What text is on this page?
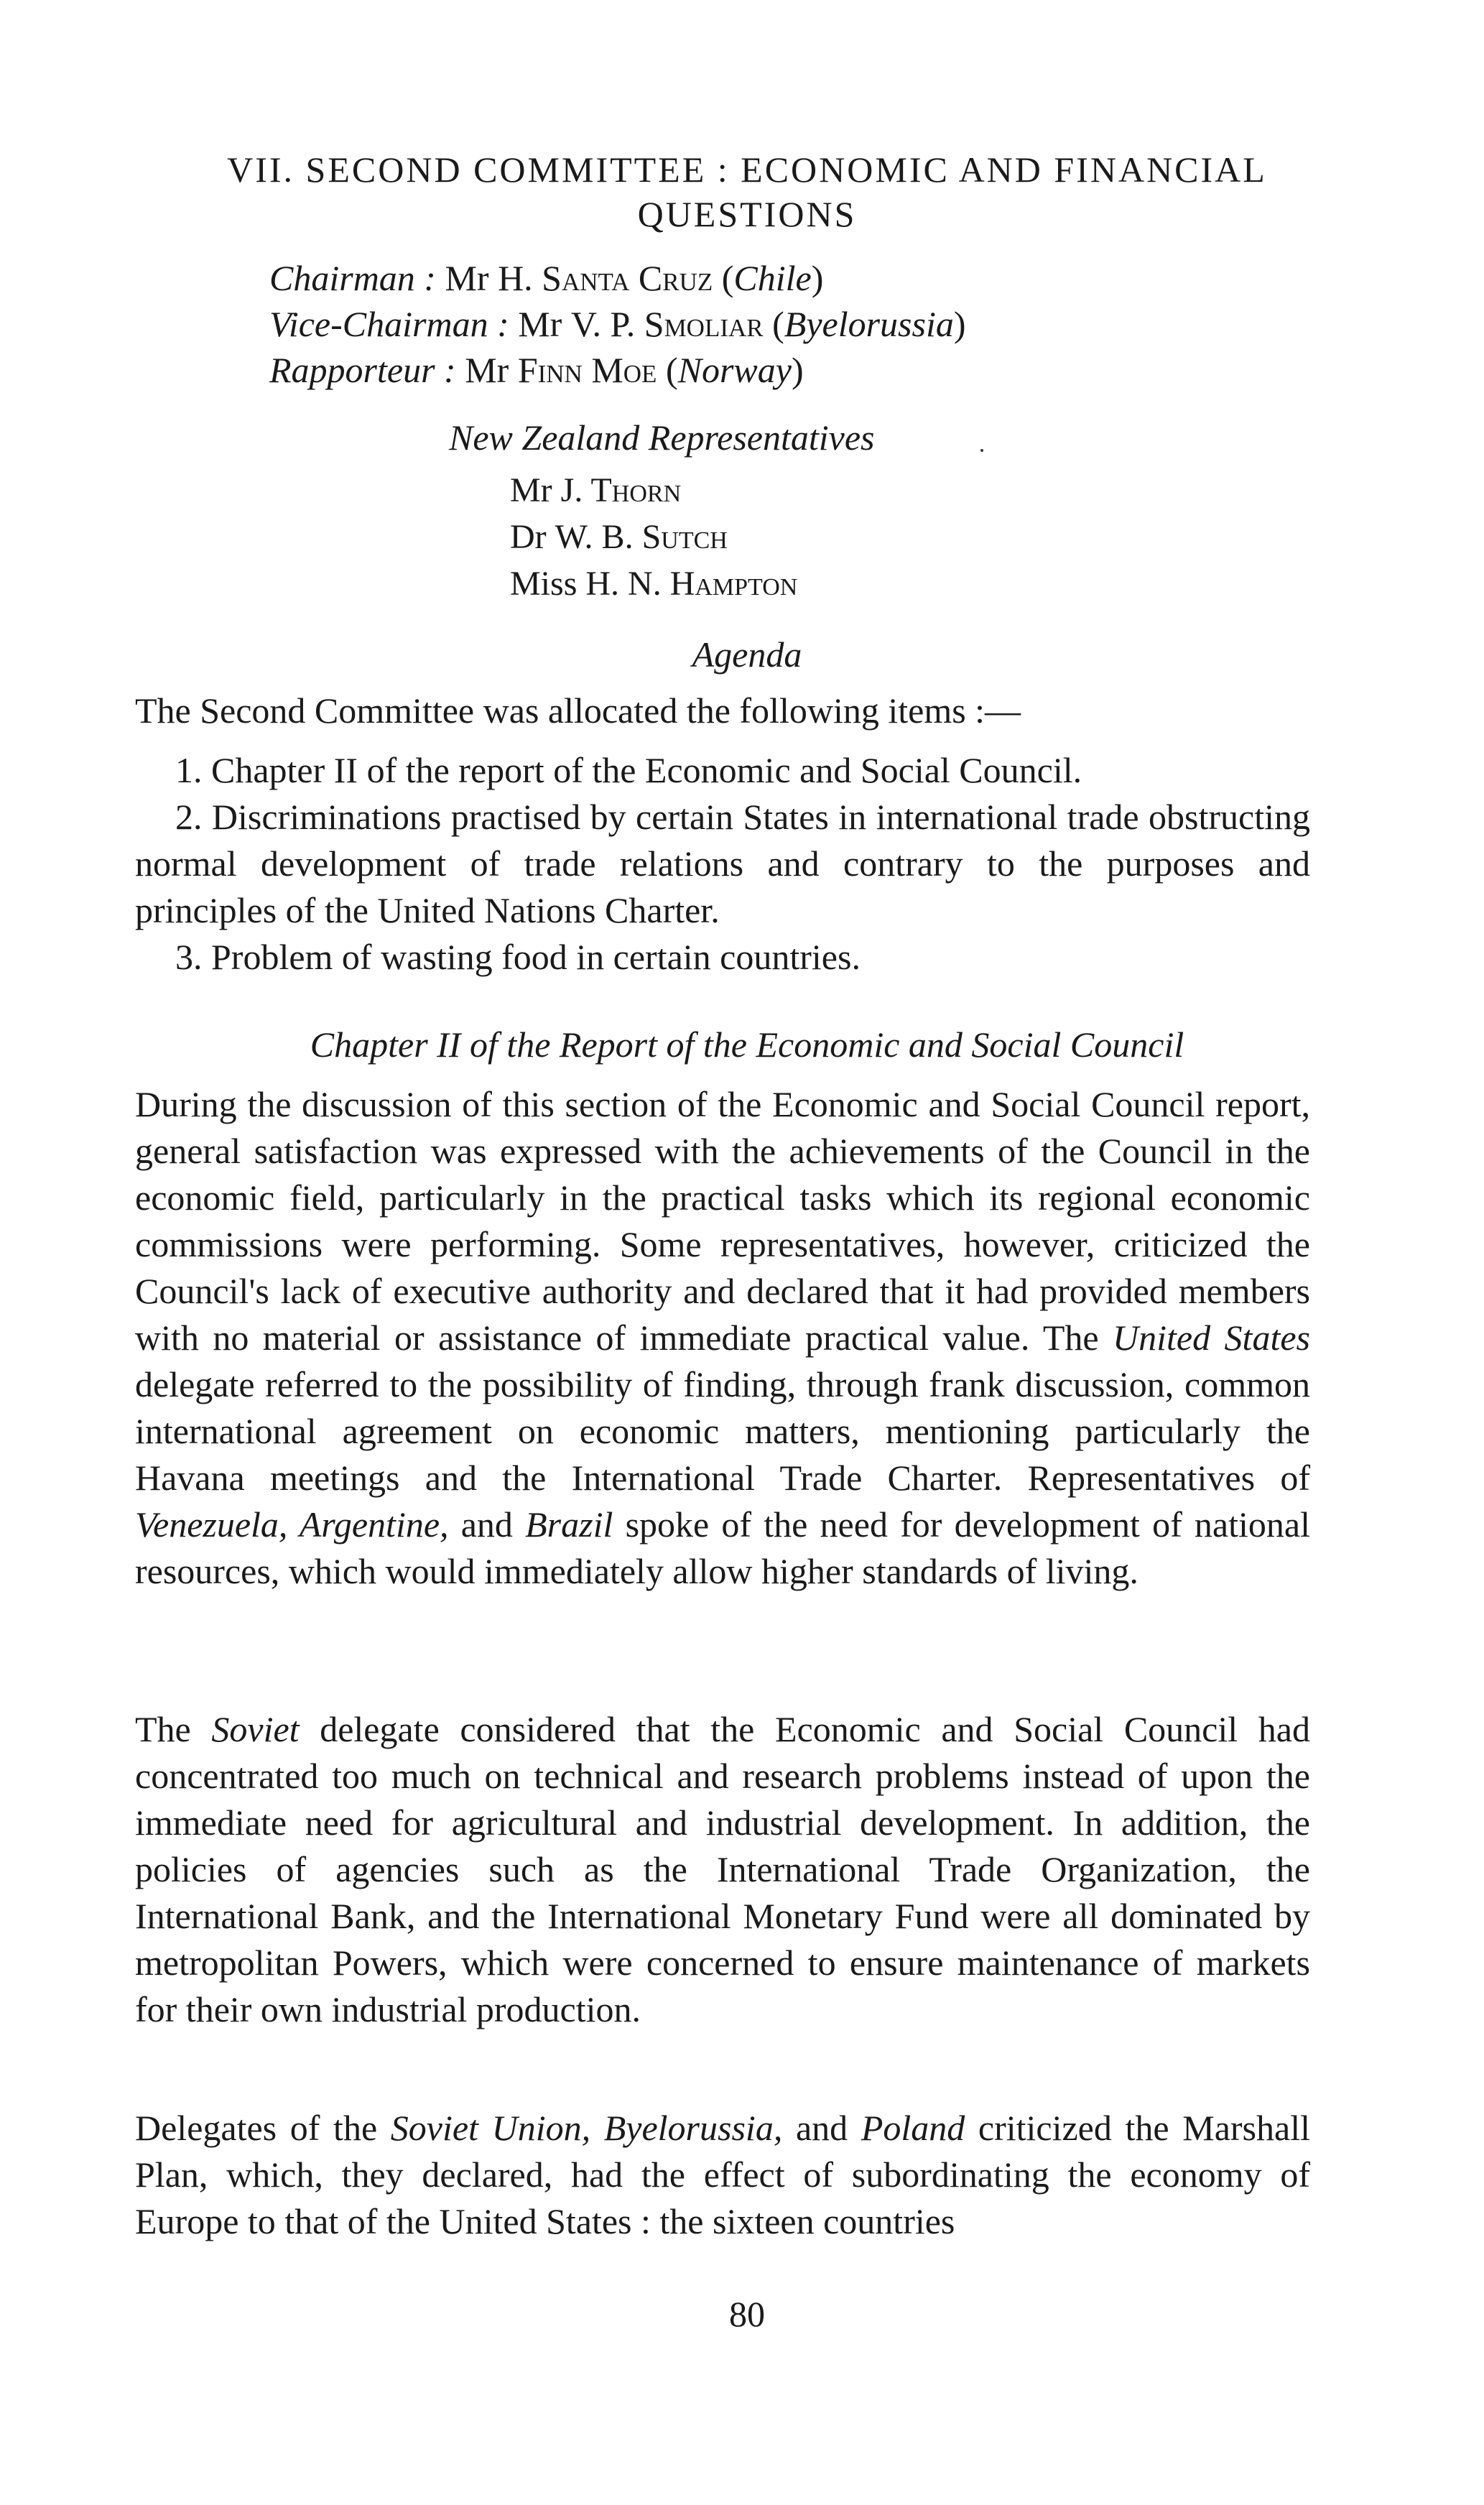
VII. SECOND COMMITTEE : ECONOMIC AND FINANCIAL
QUESTIONS
Chairman : Mr H. Santa Cruz (Chile)
Vice-Chairman : Mr V. P. Smoliar (Byelorussia)
Rapporteur : Mr Finn Moe (Norway)
New Zealand Representatives
Mr J. Thorn
Dr W. B. Sutch
Miss H. N. Hampton
Agenda
The Second Committee was allocated the following items :—

1. Chapter II of the report of the Economic and Social Council.

2. Discriminations practised by certain States in international trade obstructing normal development of trade relations and contrary to the purposes and principles of the United Nations Charter.

3. Problem of wasting food in certain countries.

Chapter II of the Report of the Economic and Social Council

During the discussion of this section of the Economic and Social Council report, general satisfaction was expressed with the achievements of the Council in the economic field, particularly in the practical tasks which its regional economic commissions were performing. Some representatives, however, criticized the Council's lack of executive authority and declared that it had provided members with no material or assistance of immediate practical value. The United States delegate referred to the possibility of finding, through frank discussion, common international agreement on economic matters, mentioning particularly the Havana meetings and the International Trade Charter. Representatives of Venezuela, Argentine, and Brazil spoke of the need for development of national resources, which would immediately allow higher standards of living.

The Soviet delegate considered that the Economic and Social Council had concentrated too much on technical and research problems instead of upon the immediate need for agricultural and industrial development. In addition, the policies of agencies such as the International Trade Organization, the International Bank, and the International Monetary Fund were all dominated by metropolitan Powers, which were concerned to ensure maintenance of markets for their own industrial production.

Delegates of the Soviet Union, Byelorussia, and Poland criticized the Marshall Plan, which, they declared, had the effect of subordinating the economy of Europe to that of the United States : the sixteen countries

80
